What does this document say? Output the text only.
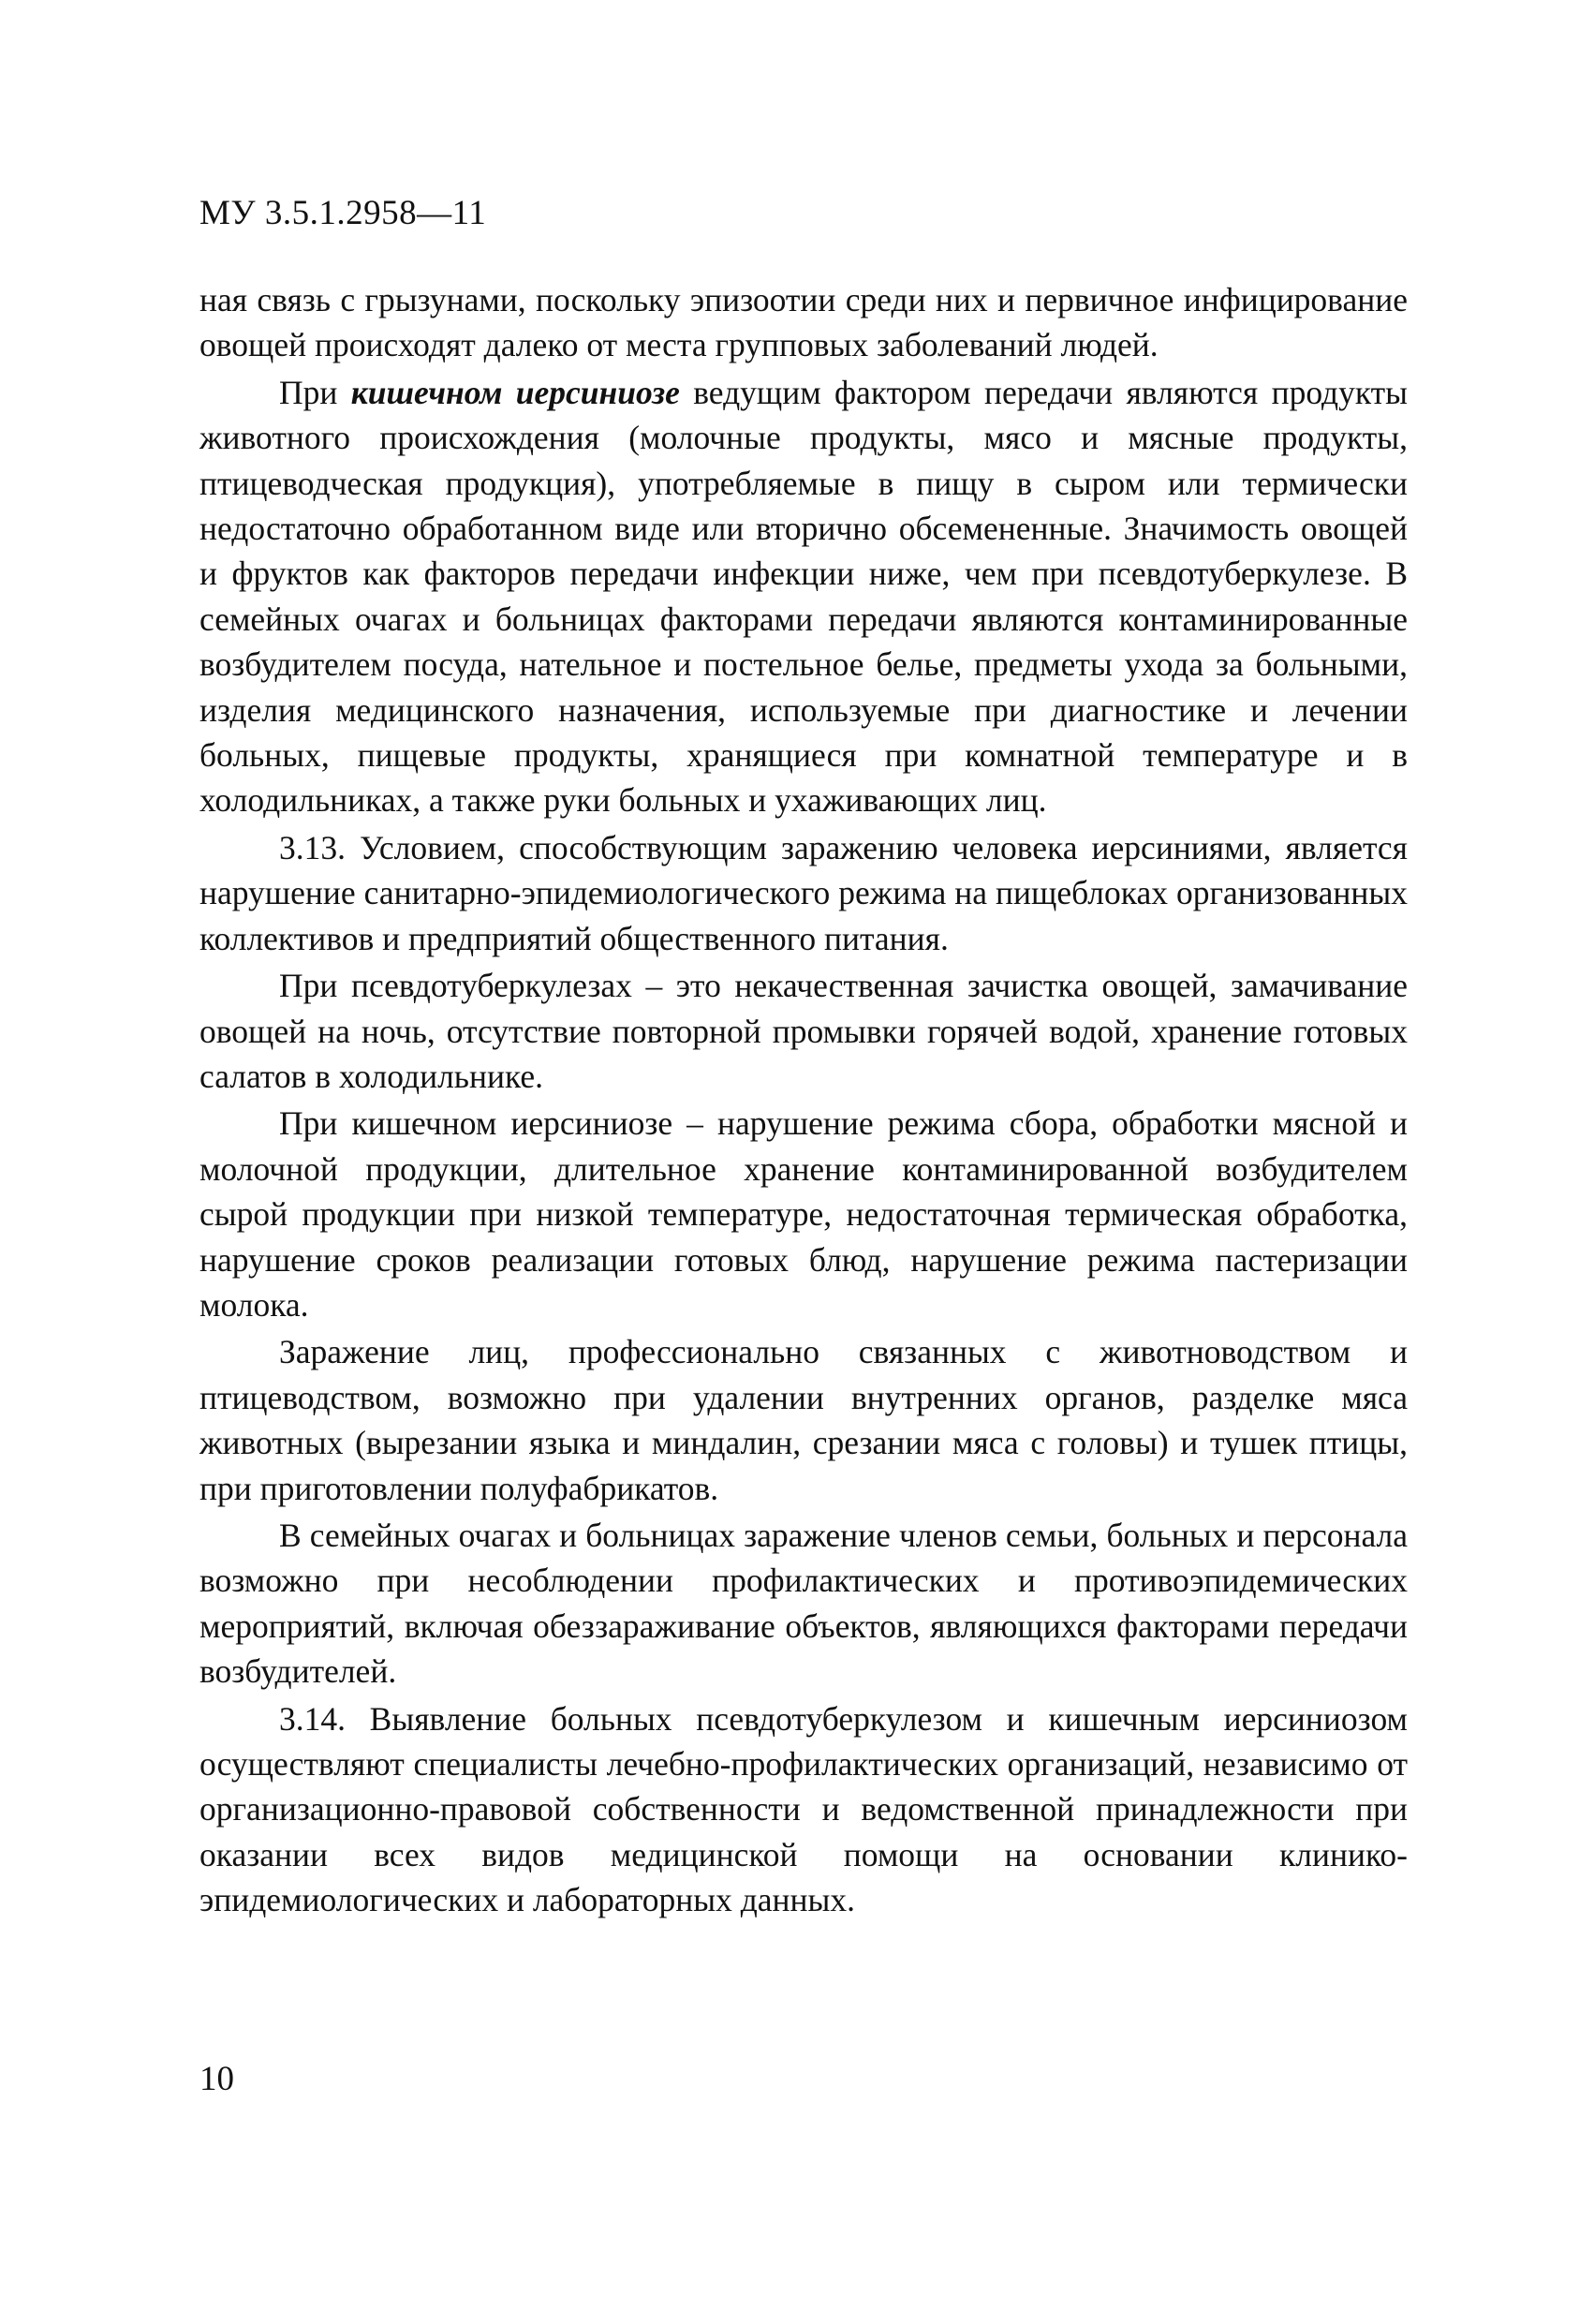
МУ 3.5.1.2958—11

ная связь с грызунами, поскольку эпизоотии среди них и первичное инфицирование овощей происходят далеко от места групповых заболеваний людей.

При кишечном иерсиниозе ведущим фактором передачи являются продукты животного происхождения (молочные продукты, мясо и мясные продукты, птицеводческая продукция), употребляемые в пищу в сыром или термически недостаточно обработанном виде или вторично обсемененные. Значимость овощей и фруктов как факторов передачи инфекции ниже, чем при псевдотуберкулезе. В семейных очагах и больницах факторами передачи являются контаминированные возбудителем посуда, нательное и постельное белье, предметы ухода за больными, изделия медицинского назначения, используемые при диагностике и лечении больных, пищевые продукты, хранящиеся при комнатной температуре и в холодильниках, а также руки больных и ухаживающих лиц.

3.13. Условием, способствующим заражению человека иерсиниями, является нарушение санитарно-эпидемиологического режима на пищеблоках организованных коллективов и предприятий общественного питания.

При псевдотуберкулезах – это некачественная зачистка овощей, замачивание овощей на ночь, отсутствие повторной промывки горячей водой, хранение готовых салатов в холодильнике.

При кишечном иерсиниозе – нарушение режима сбора, обработки мясной и молочной продукции, длительное хранение контаминированной возбудителем сырой продукции при низкой температуре, недостаточная термическая обработка, нарушение сроков реализации готовых блюд, нарушение режима пастеризации молока.

Заражение лиц, профессионально связанных с животноводством и птицеводством, возможно при удалении внутренних органов, разделке мяса животных (вырезании языка и миндалин, срезании мяса с головы) и тушек птицы, при приготовлении полуфабрикатов.

В семейных очагах и больницах заражение членов семьи, больных и персонала возможно при несоблюдении профилактических и противоэпидемических мероприятий, включая обеззараживание объектов, являющихся факторами передачи возбудителей.

3.14. Выявление больных псевдотуберкулезом и кишечным иерсиниозом осуществляют специалисты лечебно-профилактических организаций, независимо от организационно-правовой собственности и ведомственной принадлежности при оказании всех видов медицинской помощи на основании клинико-эпидемиологических и лабораторных данных.

10
